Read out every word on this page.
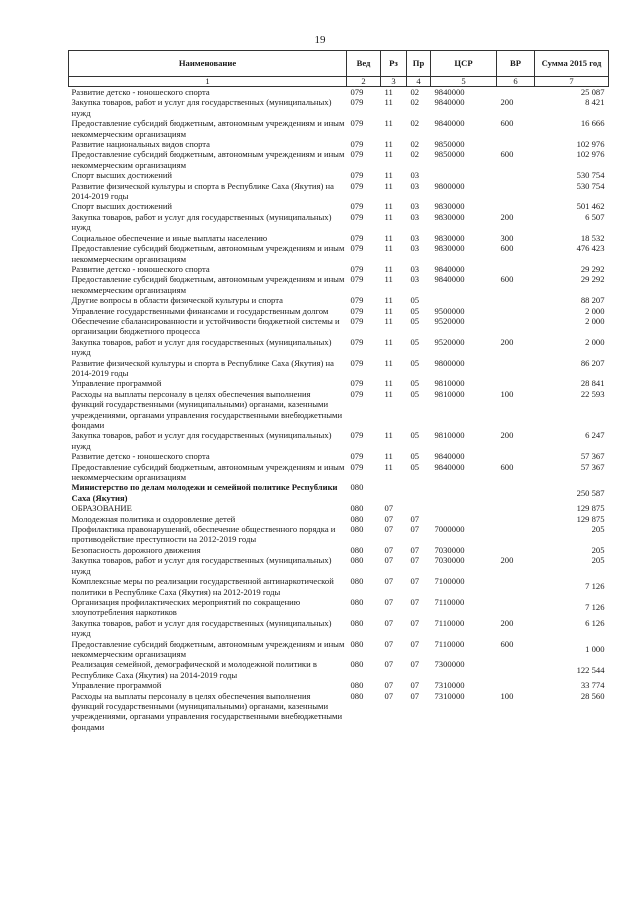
19
Наименование	Вед	Рз	Пр	ЦСР	ВР	Сумма 2015 год
1	2	3	4	5	6	7
Развитие детско - юношеского спорта	079	11	02	9840000		25 087
Закупка товаров, работ и услуг для государственных (муниципальных) нужд	079	11	02	9840000	200	8 421
Предоставление субсидий бюджетным, автономным учреждениям и иным некоммерческим организациям	079	11	02	9840000	600	16 666
Развитие национальных видов спорта	079	11	02	9850000		102 976
Предоставление субсидий бюджетным, автономным учреждениям и иным некоммерческим организациям	079	11	02	9850000	600	102 976
Спорт высших достижений	079	11	03			530 754
Развитие физической культуры и спорта в Республике Саха (Якутия) на 2014-2019 годы	079	11	03	9800000		530 754
Спорт высших достижений	079	11	03	9830000		501 462
Закупка товаров, работ и услуг для государственных (муниципальных) нужд	079	11	03	9830000	200	6 507
Социальное обеспечение и иные выплаты населению	079	11	03	9830000	300	18 532
Предоставление субсидий бюджетным, автономным учреждениям и иным некоммерческим организациям	079	11	03	9830000	600	476 423
Развитие детско - юношеского спорта	079	11	03	9840000		29 292
Предоставление субсидий бюджетным, автономным учреждениям и иным некоммерческим организациям	079	11	03	9840000	600	29 292
Другие вопросы в области физической культуры и спорта	079	11	05			88 207
Управление государственными финансами и государственным долгом	079	11	05	9500000		2 000
Обеспечение сбалансированности и устойчивости бюджетной системы и организации бюджетного процесса	079	11	05	9520000		2 000
Закупка товаров, работ и услуг для государственных (муниципальных) нужд	079	11	05	9520000	200	2 000
Развитие физической культуры и спорта в Республике Саха (Якутия) на 2014-2019 годы	079	11	05	9800000		86 207
Управление программой	079	11	05	9810000		28 841
Расходы на выплаты персоналу в целях обеспечения выполнения функций государственными (муниципальными) органами, казенными учреждениями, органами управления государственными внебюджетными фондами	079	11	05	9810000	100	22 593
Закупка товаров, работ и услуг для государственных (муниципальных) нужд	079	11	05	9810000	200	6 247
Развитие детско - юношеского спорта	079	11	05	9840000		57 367
Предоставление субсидий бюджетным, автономным учреждениям и иным некоммерческим организациям	079	11	05	9840000	600	57 367
Министерство по делам молодежи и семейной политике Республики Саха (Якутия)	080					250 587
ОБРАЗОВАНИЕ	080	07				129 875
Молодежная политика и оздоровление детей	080	07	07			129 875
Профилактика правонарушений, обеспечение общественного порядка и противодействие преступности на 2012-2019 годы	080	07	07	7000000		205
Безопасность дорожного движения	080	07	07	7030000		205
Закупка товаров, работ и услуг для государственных (муниципальных) нужд	080	07	07	7030000	200	205
Комплексные меры по реализации государственной антинаркотической политики в Республике Саха (Якутия) на 2012-2019 годы	080	07	07	7100000		7 126
Организация профилактических мероприятий по сокращению злоупотребления наркотиков	080	07	07	7110000		7 126
Закупка товаров, работ и услуг для государственных (муниципальных) нужд	080	07	07	7110000	200	6 126
Предоставление субсидий бюджетным, автономным учреждениям и иным некоммерческим организациям	080	07	07	7110000	600	1 000
Реализация семейной, демографической и молодежной политики в Республике Саха (Якутия) на 2014-2019 годы	080	07	07	7300000		122 544
Управление программой	080	07	07	7310000		33 774
Расходы на выплаты персоналу в целях обеспечения выполнения функций государственными (муниципальными) органами, казенными учреждениями, органами управления государственными внебюджетными фондами	080	07	07	7310000	100	28 560
